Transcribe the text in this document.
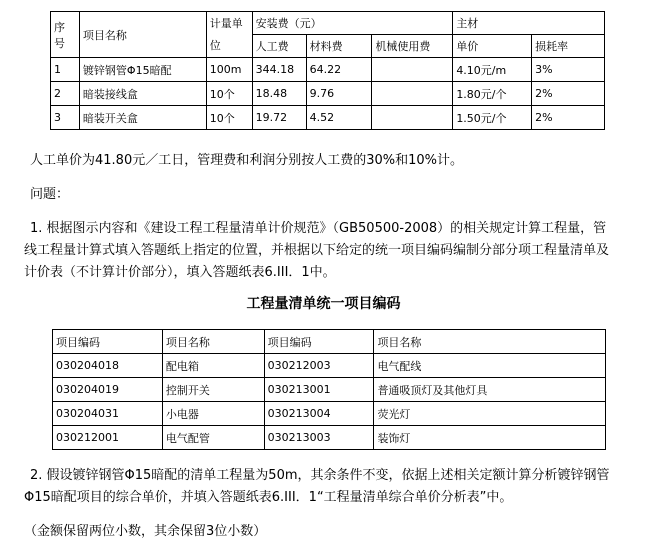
序号	项目名称	计量单位	安装费（元）			主材	
			人工费	材料费	机械使用费	单价	损耗率
1	镀锌钢管Φ15暗配	100m	344.18	64.22		4.10元/m	3%
2	暗装接线盒	10个	18.48	9.76		1.80元/个	2%
3	暗装开关盒	10个	19.72	4.52		1.50元/个	2%

人工单价为41.80元／工日，管理费和利润分别按人工费的30%和10%计。

问题：

1. 根据图示内容和《建设工程工程量清单计价规范》（GB50500-2008）的相关规定计算工程量，管

线工程量计算式填入答题纸上指定的位置，并根据以下给定的统一项目编码编制分部分项工程量清单及

计价表（不计算计价部分），填入答题纸表6.III．1中。

工程量清单统一项目编码
项目编码	项目名称	项目编码	项目名称
030204018	配电箱	030212003	电气配线
030204019	控制开关	030213001	普通吸顶灯及其他灯具
030204031	小电器	030213004	荧光灯
030212001	电气配管	030213003	装饰灯

2. 假设镀锌钢管Φ15暗配的清单工程量为50m，其余条件不变，依据上述相关定额计算分析镀锌钢管

Φ15暗配项目的综合单价，并填入答题纸表6.III．1“工程量清单综合单价分析表”中。

（金额保留两位小数，其余保留3位小数）
